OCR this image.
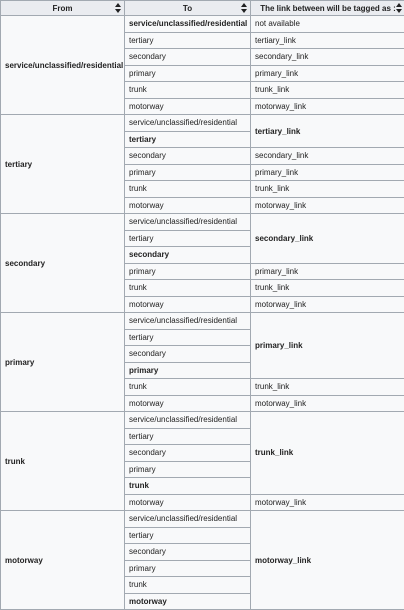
From	To	The link between will be tagged as :

service/unclassified/residential	service/unclassified/residential	not available
	tertiary	tertiary_link
	secondary	secondary_link
	primary	primary_link
	trunk	trunk_link
	motorway	motorway_link
tertiary	service/unclassified/residential	tertiary_link
	tertiary	
	secondary	secondary_link
	primary	primary_link
	trunk	trunk_link
	motorway	motorway_link
secondary	service/unclassified/residential	secondary_link
	tertiary	
	secondary	
	primary	primary_link
	trunk	trunk_link
	motorway	motorway_link
primary	service/unclassified/residential	primary_link
	tertiary	
	secondary	
	primary	
	trunk	trunk_link
	motorway	motorway_link
trunk	service/unclassified/residential	trunk_link
	tertiary	
	secondary	
	primary	
	trunk	
	motorway	motorway_link
motorway	service/unclassified/residential	motorway_link
	tertiary	
	secondary	
	primary	
	trunk	
	motorway	
